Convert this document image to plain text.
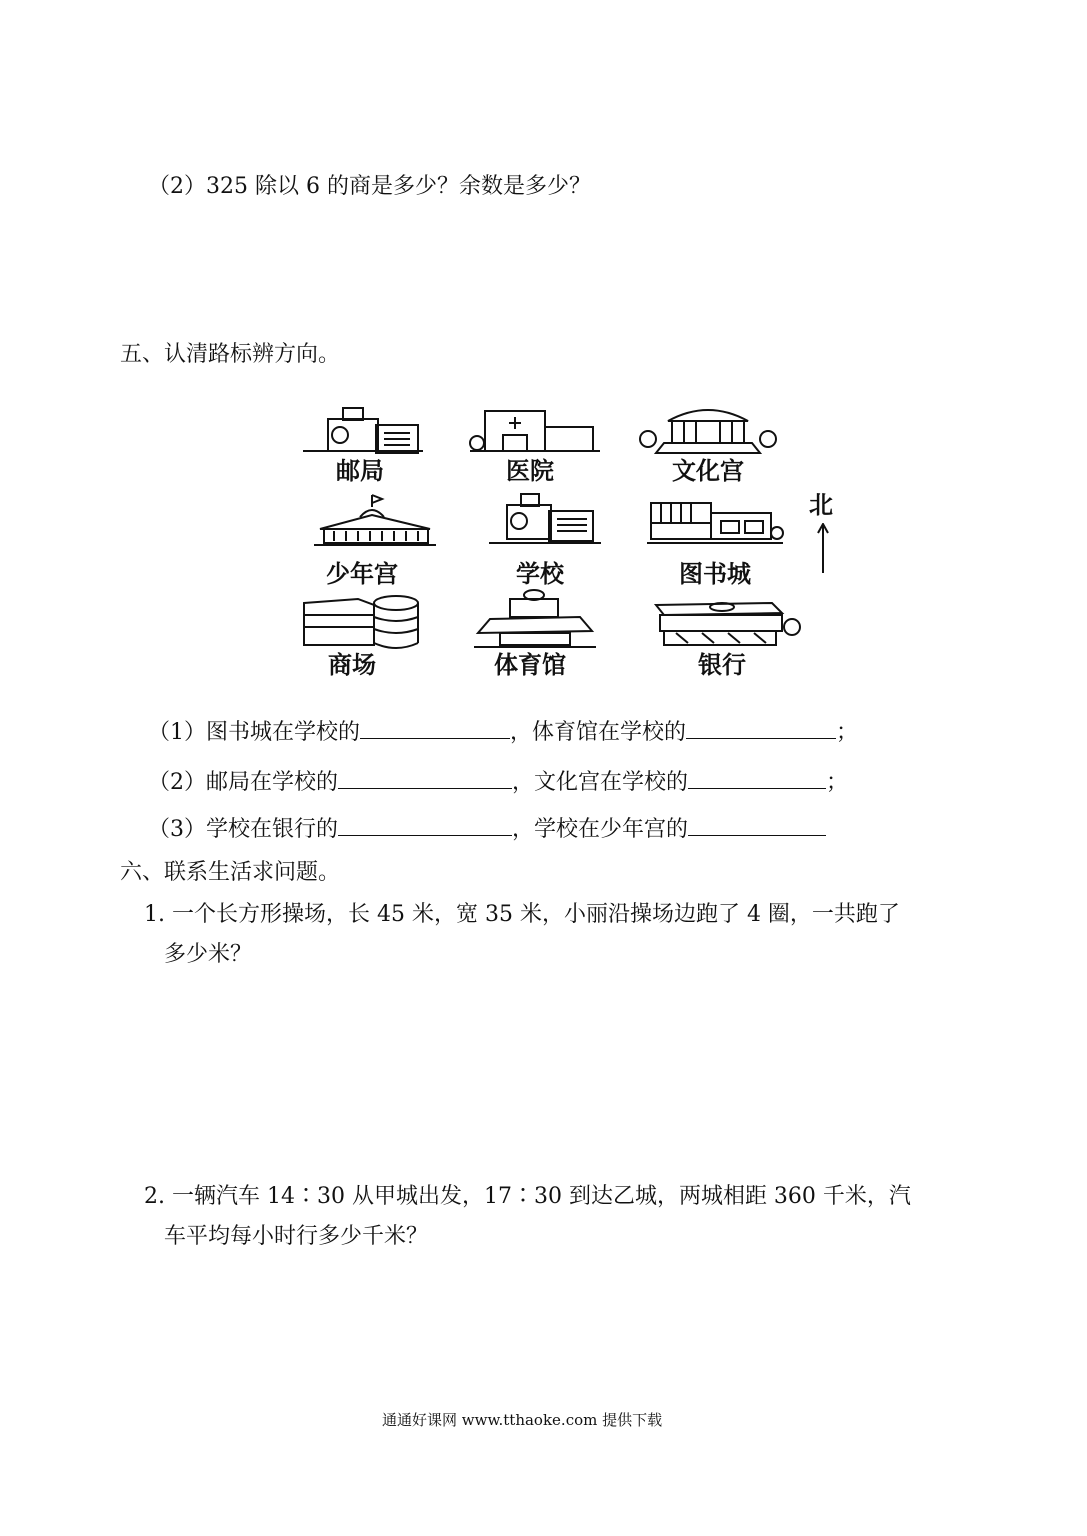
（2）325 除以 6 的商是多少？余数是多少？
五、认清路标辨方向。
邮局	医院	文化宫
少年宫	学校	图书城
商场	体育馆	银行
北
（1）图书城在学校的	，体育馆在学校的	；
（2）邮局在学校的	，文化宫在学校的	；
（3）学校在银行的	，学校在少年宫的
六、联系生活求问题。
1. 一个长方形操场，长 45 米，宽 35 米，小丽沿操场边跑了 4 圈，一共跑了
多少米？
2. 一辆汽车 14∶30 从甲城出发，17∶30 到达乙城，两城相距 360 千米，汽
车平均每小时行多少千米？
通通好课网 www.tthaoke.com 提供下载
